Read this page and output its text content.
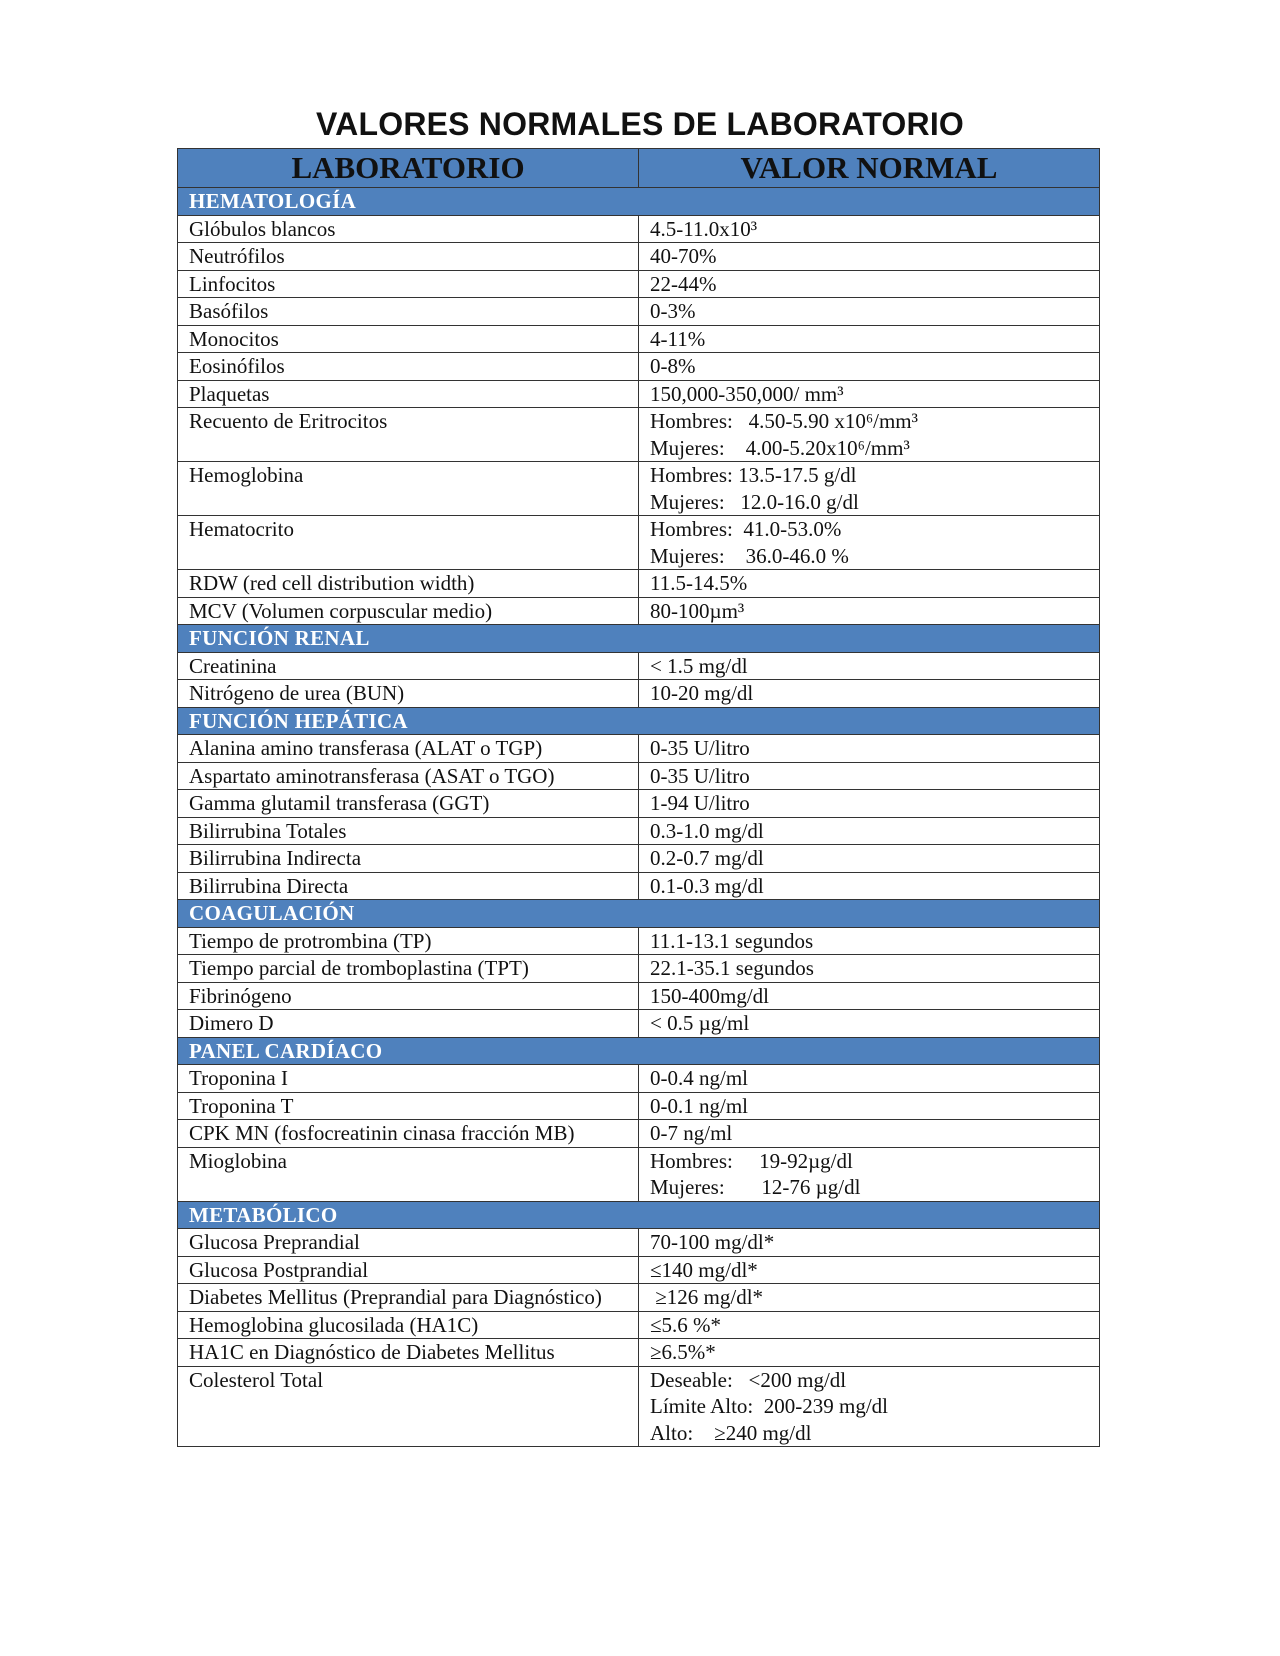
VALORES NORMALES DE LABORATORIO
LABORATORIO	VALOR NORMAL
HEMATOLOGÍA	
Glóbulos blancos	4.5-11.0x10³

Neutrófilos	40-70%

Linfocitos	22-44%

Basófilos	0-3%

Monocitos	4-11%

Eosinófilos	0-8%

Plaquetas	150,000-350,000/ mm³

Recuento de Eritrocitos	Hombres:   4.50-5.90 x10⁶/mm³
Mujeres:    4.00-5.20x10⁶/mm³

Hemoglobina	Hombres: 13.5-17.5 g/dl
Mujeres:   12.0-16.0 g/dl

Hematocrito	Hombres:  41.0-53.0%
Mujeres:    36.0-46.0 %

RDW (red cell distribution width)	11.5-14.5%

MCV (Volumen corpuscular medio)	80-100µm³

FUNCIÓN RENAL	
Creatinina	< 1.5 mg/dl

Nitrógeno de urea (BUN)	10-20 mg/dl

FUNCIÓN HEPÁTICA	
Alanina amino transferasa (ALAT o TGP)	0-35 U/litro

Aspartato aminotransferasa (ASAT o TGO)	0-35 U/litro

Gamma glutamil transferasa (GGT)	1-94 U/litro

Bilirrubina Totales	0.3-1.0 mg/dl

Bilirrubina Indirecta	0.2-0.7 mg/dl

Bilirrubina Directa	0.1-0.3 mg/dl

COAGULACIÓN	
Tiempo de protrombina (TP)	11.1-13.1 segundos

Tiempo parcial de tromboplastina (TPT)	22.1-35.1 segundos

Fibrinógeno	150-400mg/dl

Dimero D	< 0.5 µg/ml

PANEL CARDÍACO	
Troponina I	0-0.4 ng/ml

Troponina T	0-0.1 ng/ml

CPK MN (fosfocreatinin cinasa fracción MB)	0-7 ng/ml

Mioglobina	Hombres:     19-92µg/dl
Mujeres:       12-76 µg/dl

METABÓLICO	
Glucosa Preprandial	70-100 mg/dl*

Glucosa Postprandial	≤140 mg/dl*

Diabetes Mellitus (Preprandial para Diagnóstico)	≥126 mg/dl*

Hemoglobina glucosilada (HA1C)	≤5.6 %*

HA1C en Diagnóstico de Diabetes Mellitus	≥6.5%*

Colesterol Total	Deseable:   <200 mg/dl
Límite Alto:  200-239 mg/dl
Alto:    ≥240 mg/dl
